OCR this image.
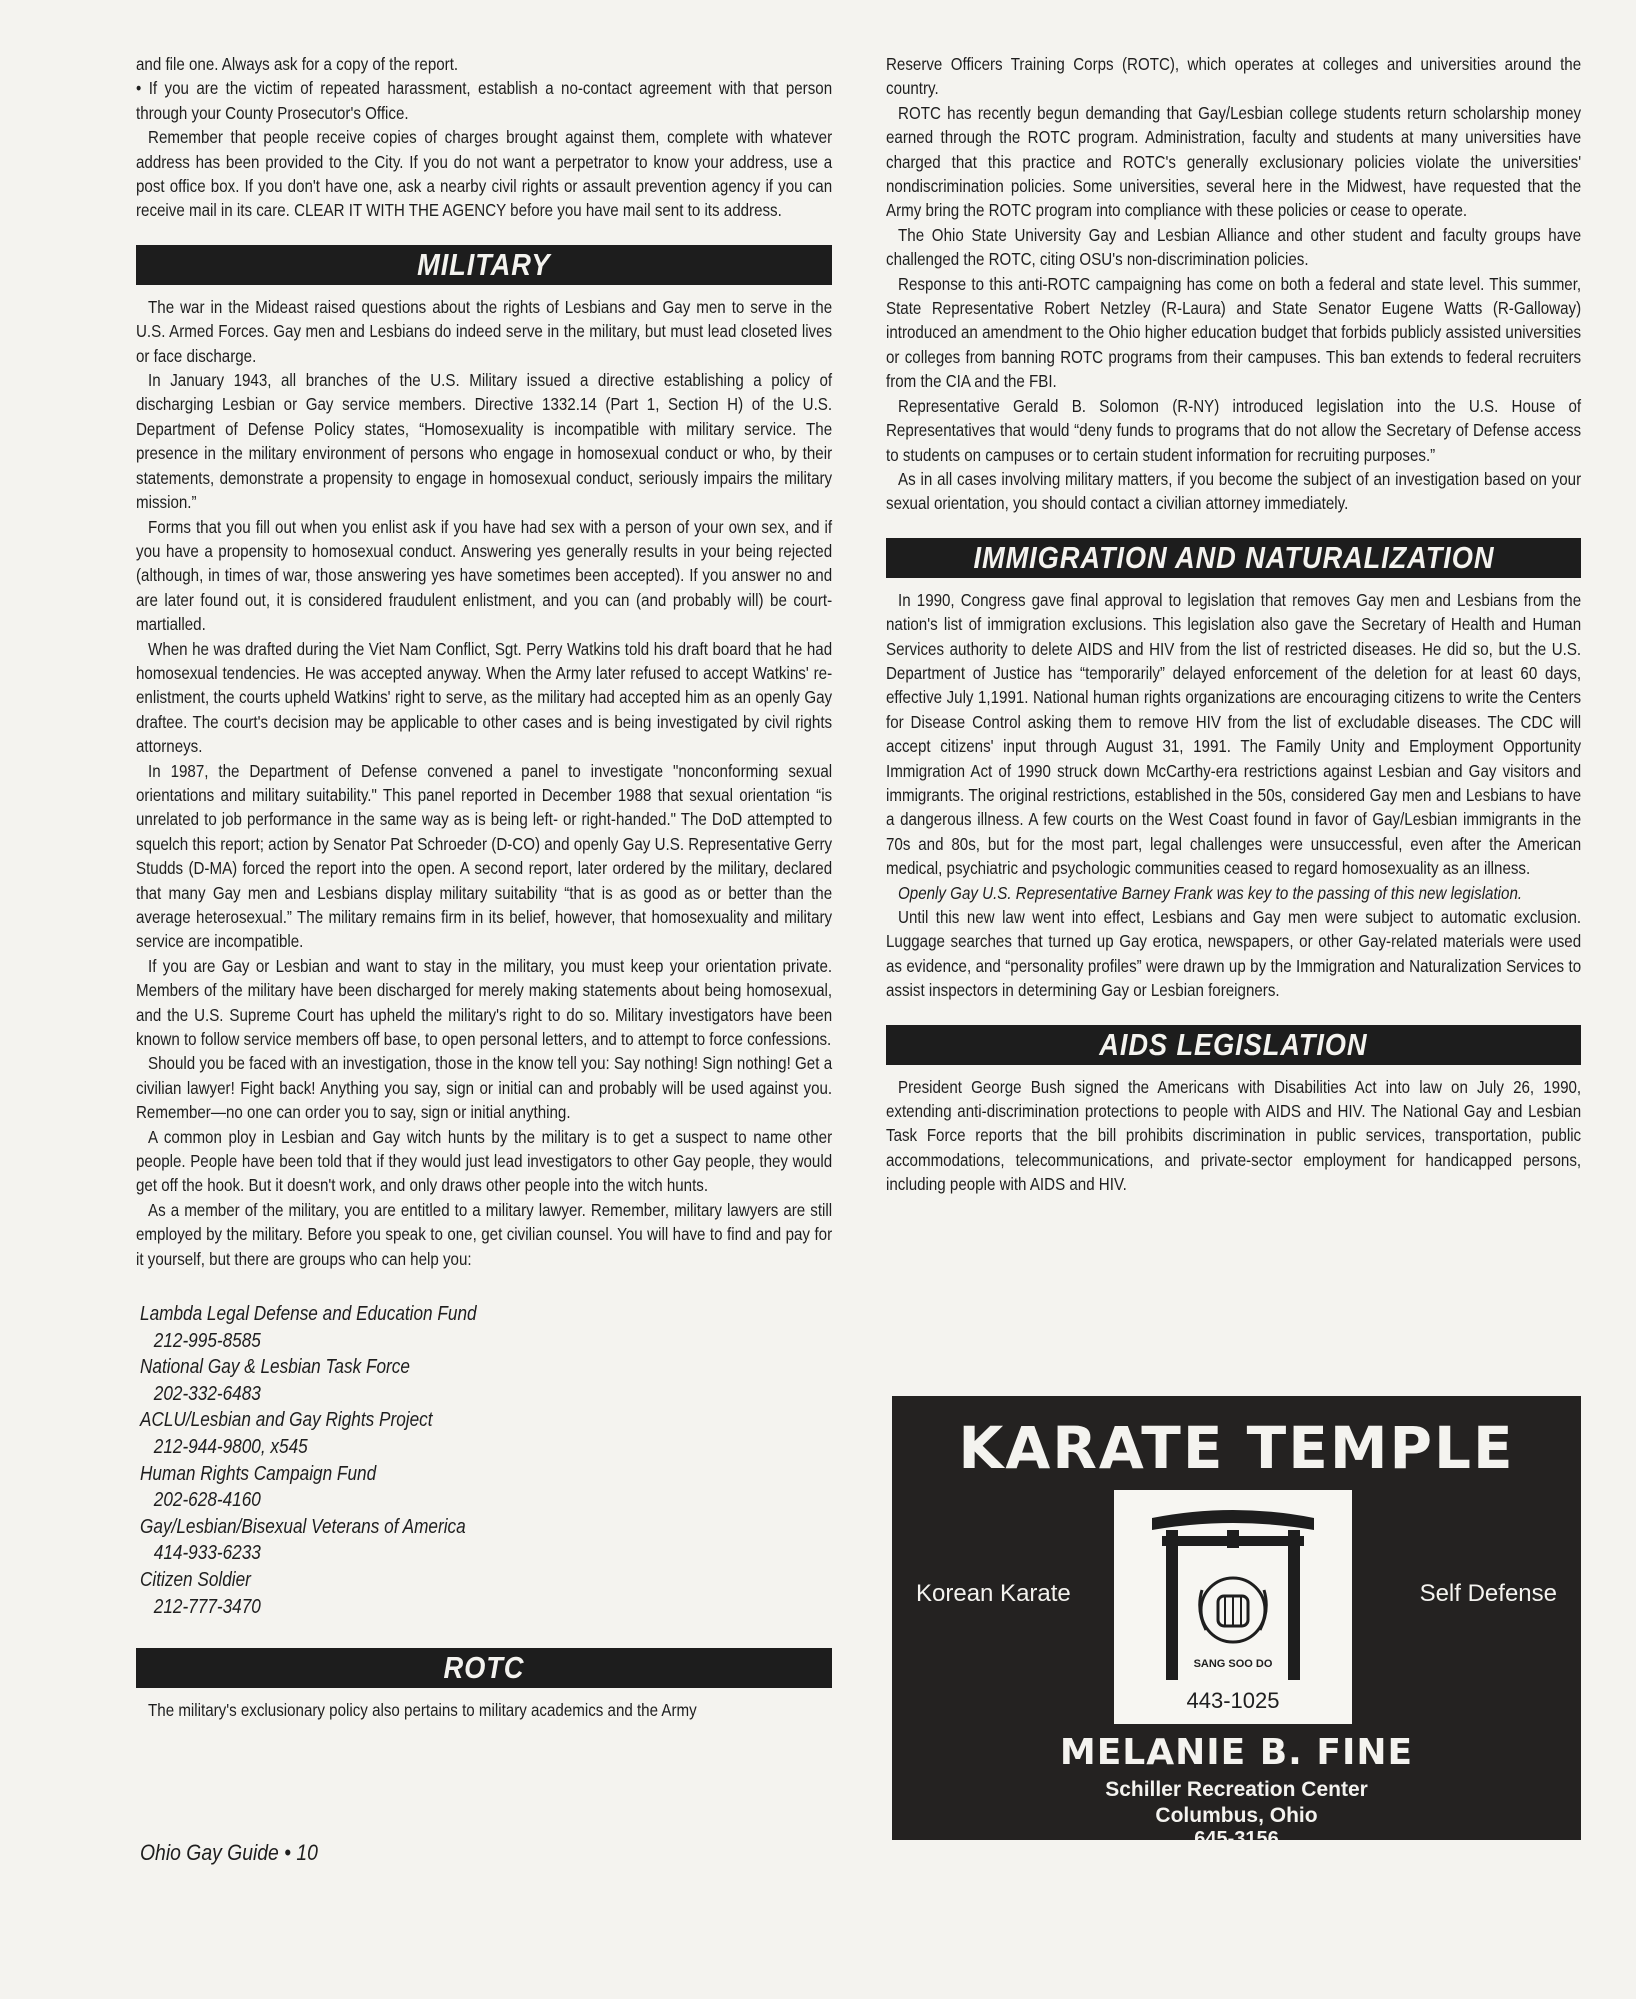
and file one. Always ask for a copy of the report.

• If you are the victim of repeated harassment, establish a no-contact agreement with that person through your County Prosecutor's Office.

Remember that people receive copies of charges brought against them, complete with whatever address has been provided to the City. If you do not want a perpetrator to know your address, use a post office box. If you don't have one, ask a nearby civil rights or assault prevention agency if you can receive mail in its care. CLEAR IT WITH THE AGENCY before you have mail sent to its address.

MILITARY

The war in the Mideast raised questions about the rights of Lesbians and Gay men to serve in the U.S. Armed Forces. Gay men and Lesbians do indeed serve in the military, but must lead closeted lives or face discharge.

In January 1943, all branches of the U.S. Military issued a directive establishing a policy of discharging Lesbian or Gay service members. Directive 1332.14 (Part 1, Section H) of the U.S. Department of Defense Policy states, “Homosexuality is incompatible with military service. The presence in the military environment of persons who engage in homosexual conduct or who, by their statements, demonstrate a propensity to engage in homosexual conduct, seriously impairs the military mission.”

Forms that you fill out when you enlist ask if you have had sex with a person of your own sex, and if you have a propensity to homosexual conduct. Answering yes generally results in your being rejected (although, in times of war, those answering yes have sometimes been accepted). If you answer no and are later found out, it is considered fraudulent enlistment, and you can (and probably will) be court-martialled.

When he was drafted during the Viet Nam Conflict, Sgt. Perry Watkins told his draft board that he had homosexual tendencies. He was accepted anyway. When the Army later refused to accept Watkins' re-enlistment, the courts upheld Watkins' right to serve, as the military had accepted him as an openly Gay draftee. The court's decision may be applicable to other cases and is being investigated by civil rights attorneys.

In 1987, the Department of Defense convened a panel to investigate "nonconforming sexual orientations and military suitability." This panel reported in December 1988 that sexual orientation “is unrelated to job performance in the same way as is being left- or right-handed." The DoD attempted to squelch this report; action by Senator Pat Schroeder (D-CO) and openly Gay U.S. Representative Gerry Studds (D-MA) forced the report into the open. A second report, later ordered by the military, declared that many Gay men and Lesbians display military suitability “that is as good as or better than the average heterosexual.” The military remains firm in its belief, however, that homosexuality and military service are incompatible.

If you are Gay or Lesbian and want to stay in the military, you must keep your orientation private. Members of the military have been discharged for merely making statements about being homosexual, and the U.S. Supreme Court has upheld the military's right to do so. Military investigators have been known to follow service members off base, to open personal letters, and to attempt to force confessions.

Should you be faced with an investigation, those in the know tell you: Say nothing! Sign nothing! Get a civilian lawyer! Fight back! Anything you say, sign or initial can and probably will be used against you. Remember—no one can order you to say, sign or initial anything.

A common ploy in Lesbian and Gay witch hunts by the military is to get a suspect to name other people. People have been told that if they would just lead investigators to other Gay people, they would get off the hook. But it doesn't work, and only draws other people into the witch hunts.

As a member of the military, you are entitled to a military lawyer. Remember, military lawyers are still employed by the military. Before you speak to one, get civilian counsel. You will have to find and pay for it yourself, but there are groups who can help you:

Lambda Legal Defense and Education Fund
212-995-8585
National Gay & Lesbian Task Force
202-332-6483
ACLU/Lesbian and Gay Rights Project
212-944-9800, x545
Human Rights Campaign Fund
202-628-4160
Gay/Lesbian/Bisexual Veterans of America
414-933-6233
Citizen Soldier
212-777-3470
ROTC

The military's exclusionary policy also pertains to military academics and the Army

Ohio Gay Guide • 10

Reserve Officers Training Corps (ROTC), which operates at colleges and universities around the country.

ROTC has recently begun demanding that Gay/Lesbian college students return scholarship money earned through the ROTC program. Administration, faculty and students at many universities have charged that this practice and ROTC's generally exclusionary policies violate the universities' nondiscrimination policies. Some universities, several here in the Midwest, have requested that the Army bring the ROTC program into compliance with these policies or cease to operate.

The Ohio State University Gay and Lesbian Alliance and other student and faculty groups have challenged the ROTC, citing OSU's non-discrimination policies.

Response to this anti-ROTC campaigning has come on both a federal and state level. This summer, State Representative Robert Netzley (R-Laura) and State Senator Eugene Watts (R-Galloway) introduced an amendment to the Ohio higher education budget that forbids publicly assisted universities or colleges from banning ROTC programs from their campuses. This ban extends to federal recruiters from the CIA and the FBI.

Representative Gerald B. Solomon (R-NY) introduced legislation into the U.S. House of Representatives that would “deny funds to programs that do not allow the Secretary of Defense access to students on campuses or to certain student information for recruiting purposes.”

As in all cases involving military matters, if you become the subject of an investigation based on your sexual orientation, you should contact a civilian attorney immediately.

IMMIGRATION AND NATURALIZATION

In 1990, Congress gave final approval to legislation that removes Gay men and Lesbians from the nation's list of immigration exclusions. This legislation also gave the Secretary of Health and Human Services authority to delete AIDS and HIV from the list of restricted diseases. He did so, but the U.S. Department of Justice has “temporarily” delayed enforcement of the deletion for at least 60 days, effective July 1,1991. National human rights organizations are encouraging citizens to write the Centers for Disease Control asking them to remove HIV from the list of excludable diseases. The CDC will accept citizens' input through August 31, 1991. The Family Unity and Employment Opportunity Immigration Act of 1990 struck down McCarthy-era restrictions against Lesbian and Gay visitors and immigrants. The original restrictions, established in the 50s, considered Gay men and Lesbians to have a dangerous illness. A few courts on the West Coast found in favor of Gay/Lesbian immigrants in the 70s and 80s, but for the most part, legal challenges were unsuccessful, even after the American medical, psychiatric and psychologic communities ceased to regard homosexuality as an illness.

Openly Gay U.S. Representative Barney Frank was key to the passing of this new legislation.

Until this new law went into effect, Lesbians and Gay men were subject to automatic exclusion. Luggage searches that turned up Gay erotica, newspapers, or other Gay-related materials were used as evidence, and “personality profiles” were drawn up by the Immigration and Naturalization Services to assist inspectors in determining Gay or Lesbian foreigners.

AIDS LEGISLATION

President George Bush signed the Americans with Disabilities Act into law on July 26, 1990, extending anti-discrimination protections to people with AIDS and HIV. The National Gay and Lesbian Task Force reports that the bill prohibits discrimination in public services, transportation, public accommodations, telecommunications, and private-sector employment for handicapped persons, including people with AIDS and HIV.

KARATE TEMPLE
Korean Karate	Self Defense
SANG SOO DO
443-1025
MELANIE B. FINE
Schiller Recreation Center
Columbus, Ohio
645-3156
